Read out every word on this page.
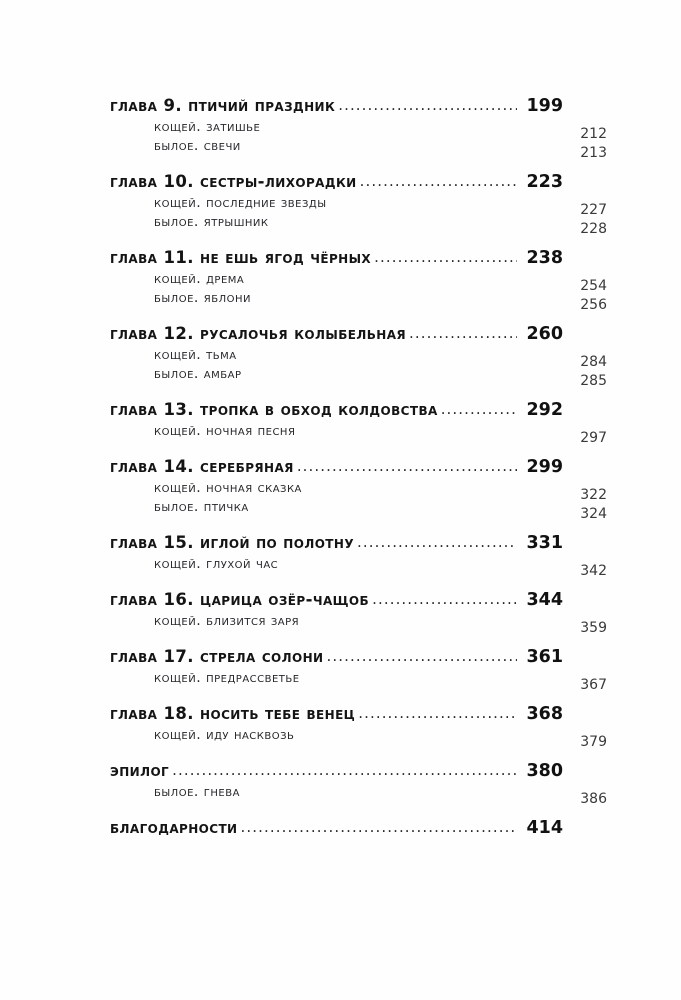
глава 9. птичий праздник .....	199
кощей. затишье	212
былое. свечи	213
глава 10. сестры-лихорадки .....	223
кощей. последние звезды	227
былое. ятрышник	228
глава 11. не ешь ягод чёрных .....	238
кощей. дрема	254
былое. яблони	256
глава 12. русалочья колыбельная .....	260
кощей. тьма	284
былое. амбар	285
глава 13. тропка в обход колдовства .....	292
кощей. ночная песня	297
глава 14. серебряная .....	299
кощей. ночная сказка	322
былое. птичка	324
глава 15. иглой по полотну .....	331
кощей. глухой час	342
глава 16. царица озёр-чащоб .....	344
кощей. близится заря	359
глава 17. стрела солони .....	361
кощей. предрассветье	367
глава 18. носить тебе венец .....	368
кощей. иду насквозь	379
эпилог .....	380
былое. гнева	386
благодарности .....	414
